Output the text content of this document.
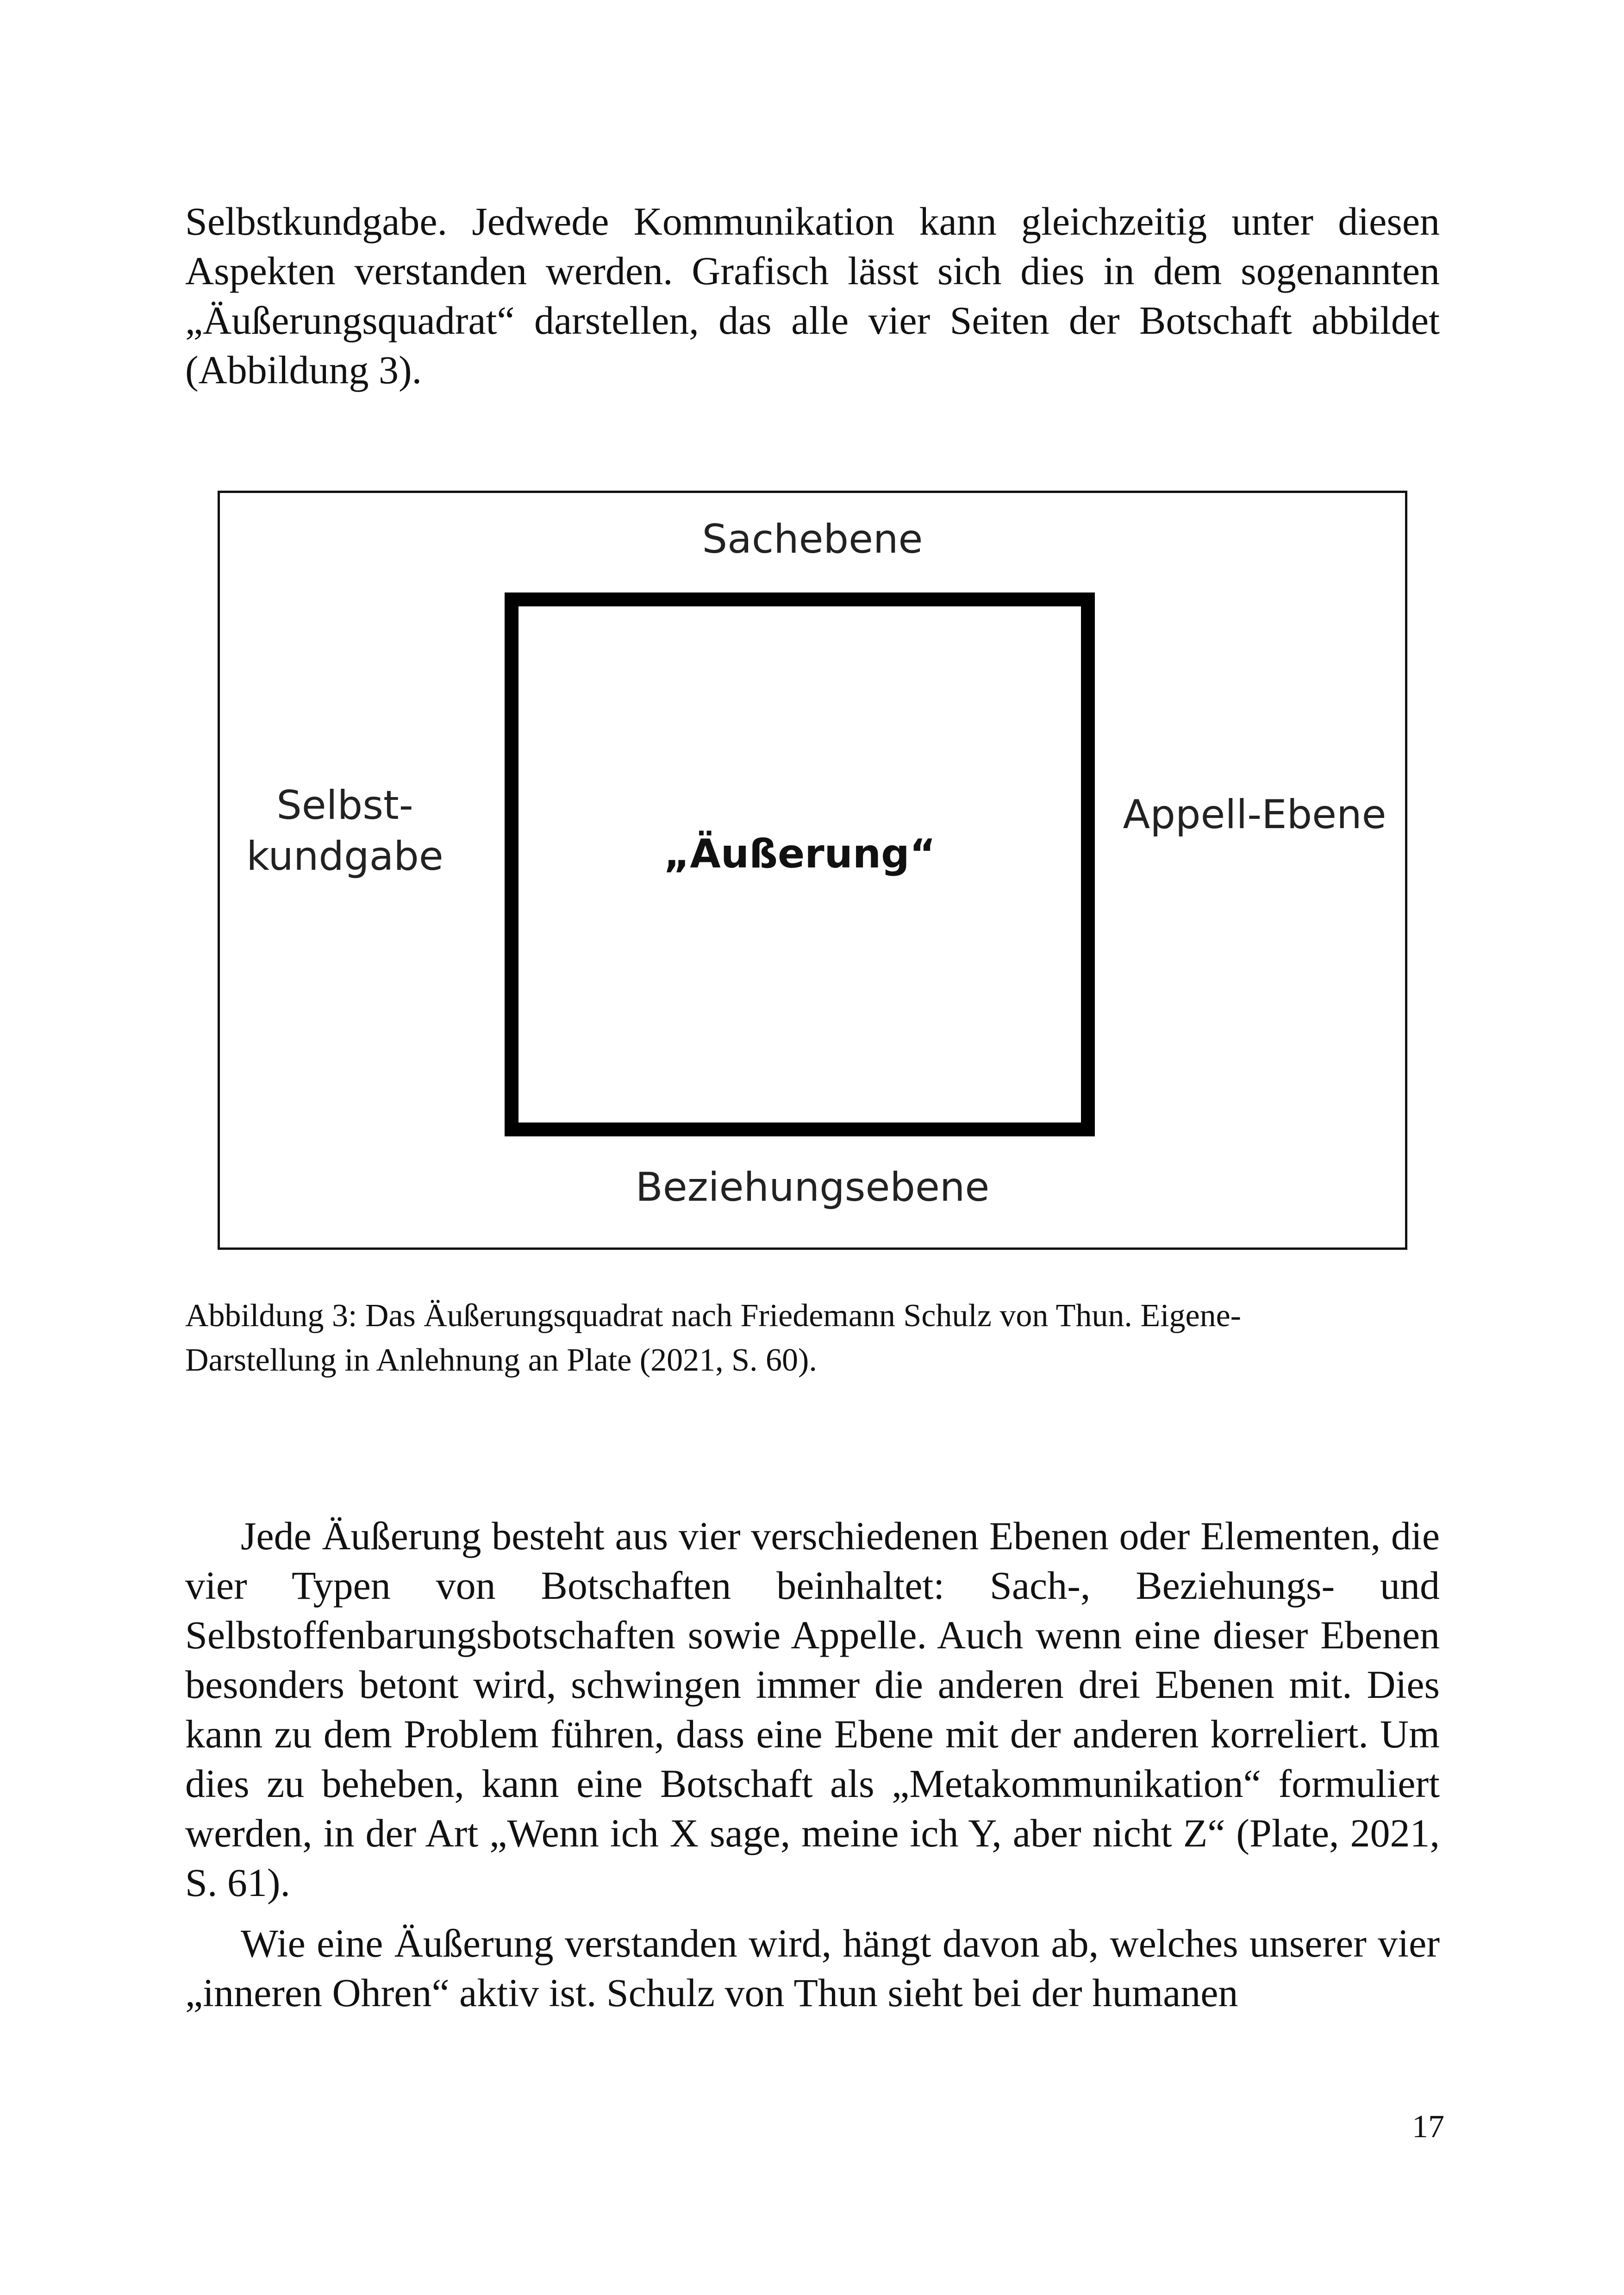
Selbstkundgabe. Jedwede Kommunikation kann gleichzeitig unter diesen Aspekten verstanden werden. Grafisch lässt sich dies in dem sogenannten „Äußerungsquadrat“ darstellen, das alle vier Seiten der Botschaft abbildet (Abbildung 3).

Sachebene
Selbst-
kundgabe	„Äußerung“
Appell-Ebene
Beziehungsebene
Abbildung 3: Das Äußerungsquadrat nach Friedemann Schulz von Thun. Eigene-
Darstellung in Anlehnung an Plate (2021, S. 60).

Jede Äußerung besteht aus vier verschiedenen Ebenen oder Elementen, die vier Typen von Botschaften beinhaltet: Sach-, Beziehungs- und Selbstoffenbarungsbotschaften sowie Appelle. Auch wenn eine dieser Ebenen besonders betont wird, schwingen immer die anderen drei Ebenen mit. Dies kann zu dem Problem führen, dass eine Ebene mit der anderen korreliert. Um dies zu beheben, kann eine Botschaft als „Metakommunikation“ formuliert werden, in der Art „Wenn ich X sage, meine ich Y, aber nicht Z“ (Plate, 2021, S. 61).

Wie eine Äußerung verstanden wird, hängt davon ab, welches unserer vier „inneren Ohren“ aktiv ist. Schulz von Thun sieht bei der humanen

17
